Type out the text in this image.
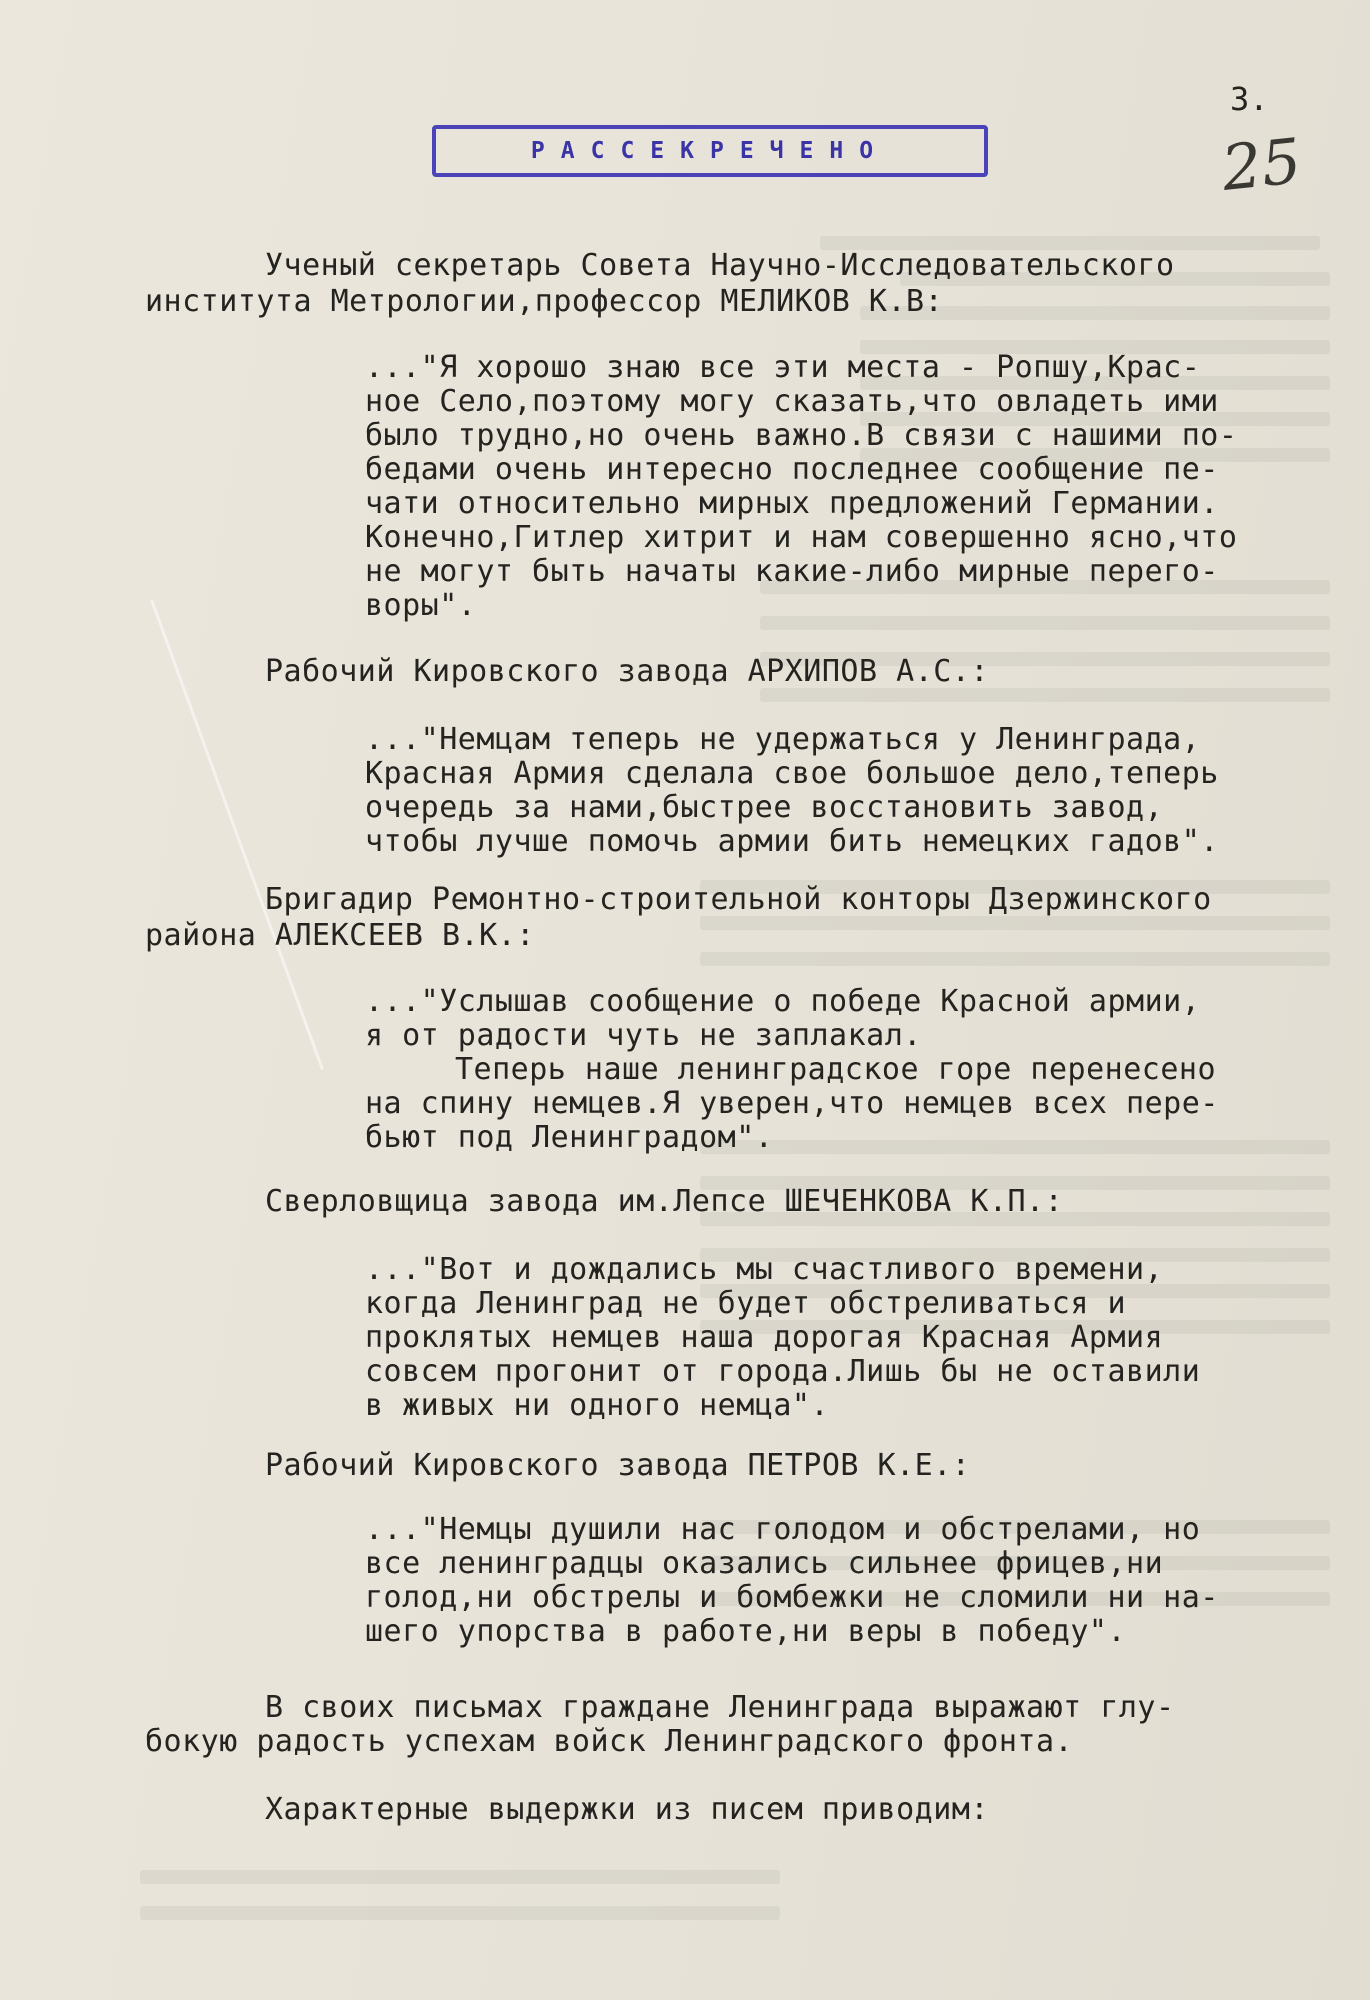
3.
25
РАССЕКРЕЧЕНО
Ученый секретарь Совета Научно-Исследовательского
института Метрологии,профессор МЕЛИКОВ К.В:
..."Я хорошо знаю все эти места - Ропшу,Крас-
ное Село,поэтому могу сказать,что овладеть ими
было трудно,но очень важно.В связи с нашими по-
бедами очень интересно последнее сообщение пе-
чати относительно мирных предложений Германии.
Конечно,Гитлер хитрит и нам совершенно ясно,что
не могут быть начаты какие-либо мирные перего-
воры".
Рабочий Кировского завода АРХИПОВ А.С.:
..."Немцам теперь не удержаться у Ленинграда,
Красная Армия сделала свое большое дело,теперь
очередь за нами,быстрее восстановить завод,
чтобы лучше помочь армии бить немецких гадов".
Бригадир Ремонтно-строительной конторы Дзержинского
района АЛЕКСЕЕВ В.К.:
..."Услышав сообщение о победе Красной армии,
я от радости чуть не заплакал.
Теперь наше ленинградское горе перенесено
на спину немцев.Я уверен,что немцев всех пере-
бьют под Ленинградом".
Сверловщица завода им.Лепсе ШЕЧЕНКОВА К.П.:
..."Вот и дождались мы счастливого времени,
когда Ленинград не будет обстреливаться и
проклятых немцев наша дорогая Красная Армия
совсем прогонит от города.Лишь бы не оставили
в живых ни одного немца".
Рабочий Кировского завода ПЕТРОВ К.Е.:
..."Немцы душили нас голодом и обстрелами, но
все ленинградцы оказались сильнее фрицев,ни
голод,ни обстрелы и бомбежки не сломили ни на-
шего упорства в работе,ни веры в победу".
В своих письмах граждане Ленинграда выражают глу-
бокую радость успехам войск Ленинградского фронта.
Характерные выдержки из писем приводим:
